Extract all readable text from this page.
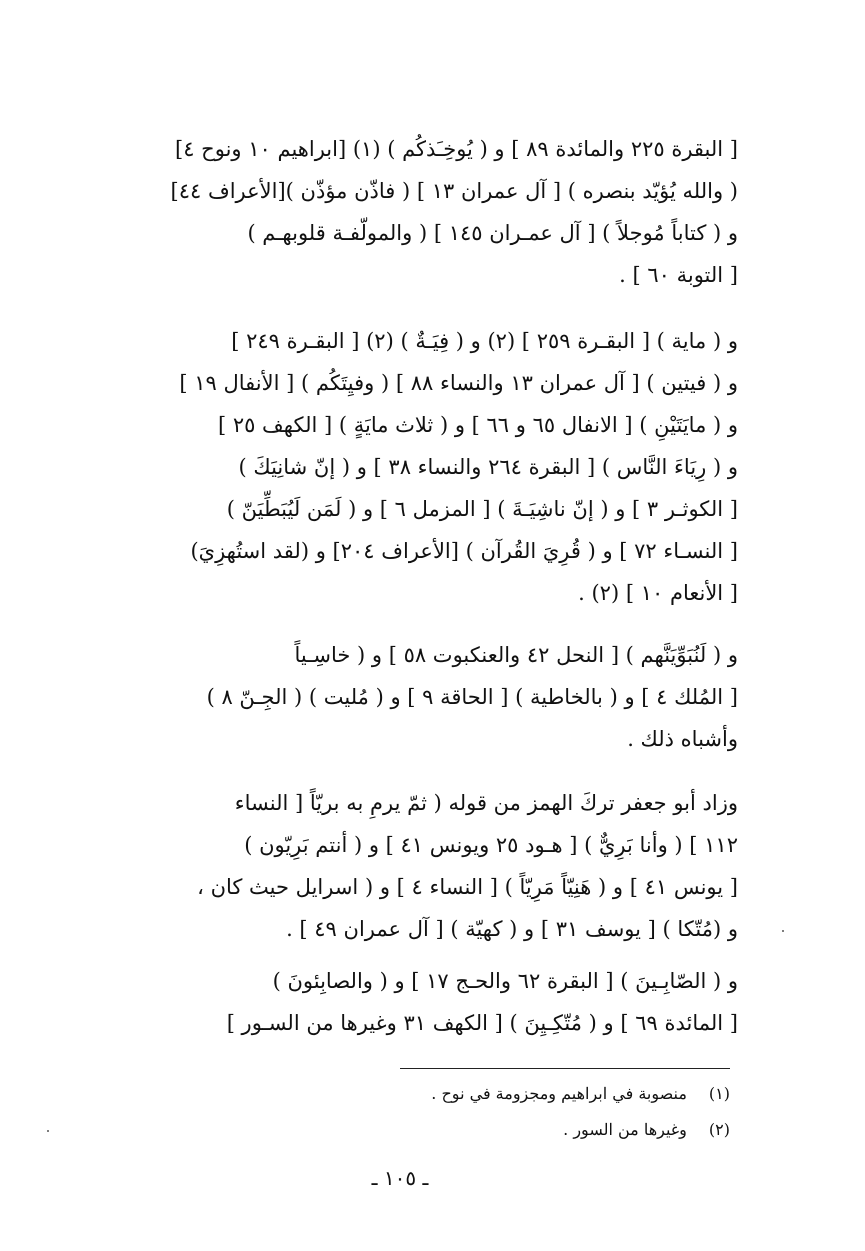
[ البقرة ٢٢٥ والمائدة ٨٩ ] و ( يُوخِـَذكُم ) (١) [ابراهيم ١٠ ونوح ٤]
( والله يُؤيّد بنصره ) [ آل عمران ١٣ ] ( فاذّن مؤذّن )[الأعراف ٤٤]
و ( كتاباً مُوجلاً ) [ آل عمـران ١٤٥ ] ( والمولّفـة قلوبهـم )
[ التوبة ٦٠ ] .
و ( ماية ) [ البقـرة ٢٥٩ ] (٢) و ( فِيَـةٌ ) (٢) [ البقـرة ٢٤٩ ]
و ( فيتين ) [ آل عمران ١٣ والنساء ٨٨ ] ( وفيِتَكُم ) [ الأنفال ١٩ ]
و ( مايَتَيْنِ ) [ الانفال ٦٥ و ٦٦ ] و ( ثلاث مايَةٍ ) [ الكهف ٢٥ ]
و ( رِيَاءَ النَّاس ) [ البقرة ٢٦٤ والنساء ٣٨ ] و ( إنّ شانِيَكَ )
[ الكوثـر ٣ ] و ( إنّ ناشِيَـةَ ) [ المزمل ٦ ] و ( لَمَن لَيُبَطِّيَنّ )
[ النسـاء ٧٢ ] و ( قُرِيَ القُرآن ) [الأعراف ٢٠٤] و (لقد استُهزِيَ)
[ الأنعام ١٠ ] (٢) .
و ( لَنُبَوِّيَنَّهم ) [ النحل ٤٢ والعنكبوت ٥٨ ] و ( خاسِـياً
[ المُلك ٤ ] و ( بالخاطية ) [ الحاقة ٩ ] و ( مُليت ) ( الجِـنّ ٨ )
وأشباه ذلك .
وزاد أبو جعفر تركَ الهمز من قوله ( ثمّ يرمِ به بريّاً [ النساء
١١٢ ] ( وأنا بَرِيٌّ ) [ هـود ٢٥ ويونس ٤١ ] و ( أنتم بَرِيّون )
[ يونس ٤١ ] و ( هَنِيّاً مَرِيّاً ) [ النساء ٤ ] و ( اسرايل حيث كان ،
و (مُتّكا ) [ يوسف ٣١ ] و ( كهيّة ) [ آل عمران ٤٩ ] .
و ( الصّابِـينَ ) [ البقرة ٦٢ والحـج ١٧ ] و ( والصابِئونَ )
[ المائدة ٦٩ ] و ( مُتّكِـيِنَ ) [ الكهف ٣١ وغيرها من السـور ]
(١)منصوبة في ابراهيم ومجزومة في نوح .
(٢)وغيرها من السور .
ـ ١٠٥ ـ
